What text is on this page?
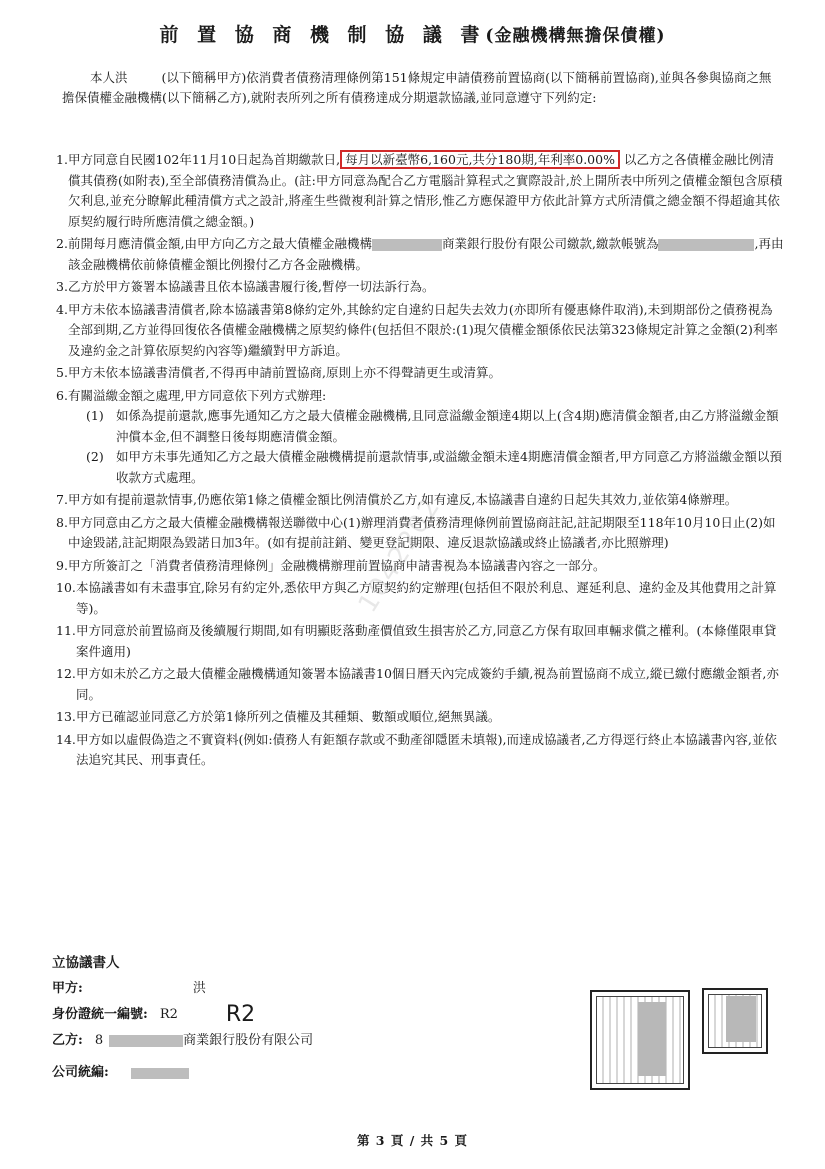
前 置 協 商 機 制 協 議 書(金融機構無擔保債權)
本人洪	(以下簡稱甲方)依消費者債務清理條例第151條規定申請債務前置協商(以下簡稱前置協商),並與各參與協商之無擔保債權金融機構(以下簡稱乙方),就附表所列之所有債務達成分期還款協議,並同意遵守下列約定:
1. 甲方同意自民國102年11月10日起為首期繳款日, 每月以新臺幣6,160元,共分180期,年利率0.00% 以乙方之各債權金融比例清償其債務(如附表),至全部債務清償為止。(註:甲方同意為配合乙方電腦計算程式之實際設計,於上開所表中所列之債權金額包含原積欠利息,並充分瞭解此種清償方式之設計,將產生些微複利計算之情形,惟乙方應保證甲方依此計算方式所清償之總金額不得超逾其依原契約履行時所應清償之總金額。)
2. 前開每月應清償金額,由甲方向乙方之最大債權金融機構	商業銀行股份有限公司繳款,繳款帳號為	,再由該金融機構依前條債權金額比例撥付乙方各金融機構。
3. 乙方於甲方簽署本協議書且依本協議書履行後,暫停一切法訴行為。
4. 甲方未依本協議書清償者,除本協議書第8條約定外,其餘約定自違約日起失去效力(亦即所有優惠條件取消),未到期部份之債務視為全部到期,乙方並得回復依各債權金融機構之原契約條件(包括但不限於:(1)現欠債權金額係依民法第323條規定計算之金額(2)利率及違約金之計算依原契約內容等)繼續對甲方訴追。
5. 甲方未依本協議書清償者,不得再申請前置協商,原則上亦不得聲請更生或清算。
6. 有關溢繳金額之處理,甲方同意依下列方式辦理:
(1) 如係為提前還款,應事先通知乙方之最大債權金融機構,且同意溢繳金額達4期以上(含4期)應清償金額者,由乙方將溢繳金額沖償本金,但不調整日後每期應清償金額。
(2) 如甲方未事先通知乙方之最大債權金融機構提前還款情事,或溢繳金額未達4期應清償金額者,甲方同意乙方將溢繳金額以預收款方式處理。
7. 甲方如有提前還款情事,仍應依第1條之債權金額比例清償於乙方,如有違反,本協議書自違約日起失其效力,並依第4條辦理。
8. 甲方同意由乙方之最大債權金融機構報送聯徵中心(1)辦理消費者債務清理條例前置協商註記,註記期限至118年10月10日止(2)如中途毀諾,註記期限為毀諾日加3年。(如有提前註銷、變更登記期限、違反退款協議或終止協議者,亦比照辦理)
9. 甲方所簽訂之「消費者債務清理條例」金融機構辦理前置協商申請書視為本協議書內容之一部分。
10. 本協議書如有未盡事宜,除另有約定外,悉依甲方與乙方原契約約定辦理(包括但不限於利息、遲延利息、違約金及其他費用之計算等)。
11. 甲方同意於前置協商及後續履行期間,如有明顯貶落動產價值致生損害於乙方,同意乙方保有取回車輛求償之權利。(本條僅限車貸案件適用)
12. 甲方如未於乙方之最大債權金融機構通知簽署本協議書10個日曆天內完成簽約手續,視為前置協商不成立,縱已繳付應繳金額者,亦同。
13. 甲方已確認並同意乙方於第1條所列之債權及其種類、數額或順位,絕無異議。
14. 甲方如以虛假偽造之不實資料(例如:債務人有鉅額存款或不動產卻隱匿未填報),而達成協議者,乙方得逕行終止本協議書內容,並依法追究其民、刑事責任。
1042202
立協議書人
甲方:	洪
身份證統一編號: R2 R2
乙方: 8	商業銀行股份有限公司
公司統編:
第 3 頁 / 共 5 頁
